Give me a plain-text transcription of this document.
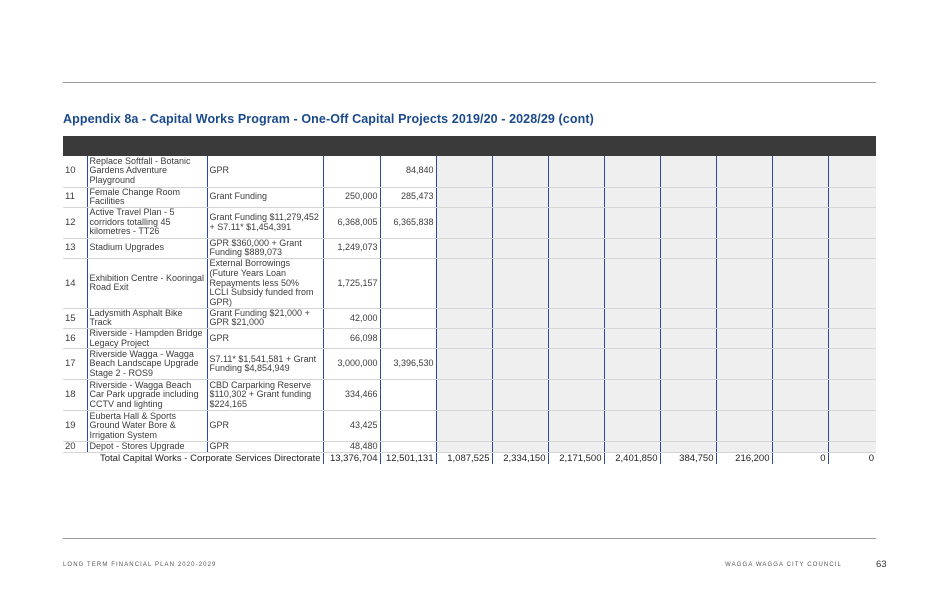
Appendix 8a - Capital Works Program - One-Off Capital Projects 2019/20 - 2028/29 (cont)
10	Replace Softfall - Botanic Gardens Adventure Playground	GPR		84,840								
11	Female Change Room Facilities	Grant Funding	250,000	285,473								
12	Active Travel Plan - 5 corridors totalling 45 kilometres - TT26	Grant Funding $11,279,452 + S7.11* $1,454,391	6,368,005	6,365,838								
13	Stadium Upgrades	GPR $360,000 + Grant Funding $889,073	1,249,073									
14	Exhibition Centre - Kooringal Road Exit	External Borrowings (Future Years Loan Repayments less 50% LCLI Subsidy funded from GPR)	1,725,157									
15	Ladysmith Asphalt Bike Track	Grant Funding $21,000 + GPR $21,000	42,000									
16	Riverside - Hampden Bridge Legacy Project	GPR	66,098									
17	Riverside Wagga - Wagga Beach Landscape Upgrade Stage 2 - ROS9	S7.11* $1,541,581 + Grant Funding $4,854,949	3,000,000	3,396,530								
18	Riverside - Wagga Beach Car Park upgrade including CCTV and lighting	CBD Carparking Reserve $110,302 + Grant funding $224,165	334,466									
19	Euberta Hall & Sports Ground Water Bore & Irrigation System	GPR	43,425									
20	Depot - Stores Upgrade	GPR	48,480									
Total Capital Works - Corporate Services Directorate			13,376,704	12,501,131	1,087,525	2,334,150	2,171,500	2,401,850	384,750	216,200	0	0
LONG TERM FINANCIAL PLAN 2020-2029	WAGGA WAGGA CITY COUNCIL	63
